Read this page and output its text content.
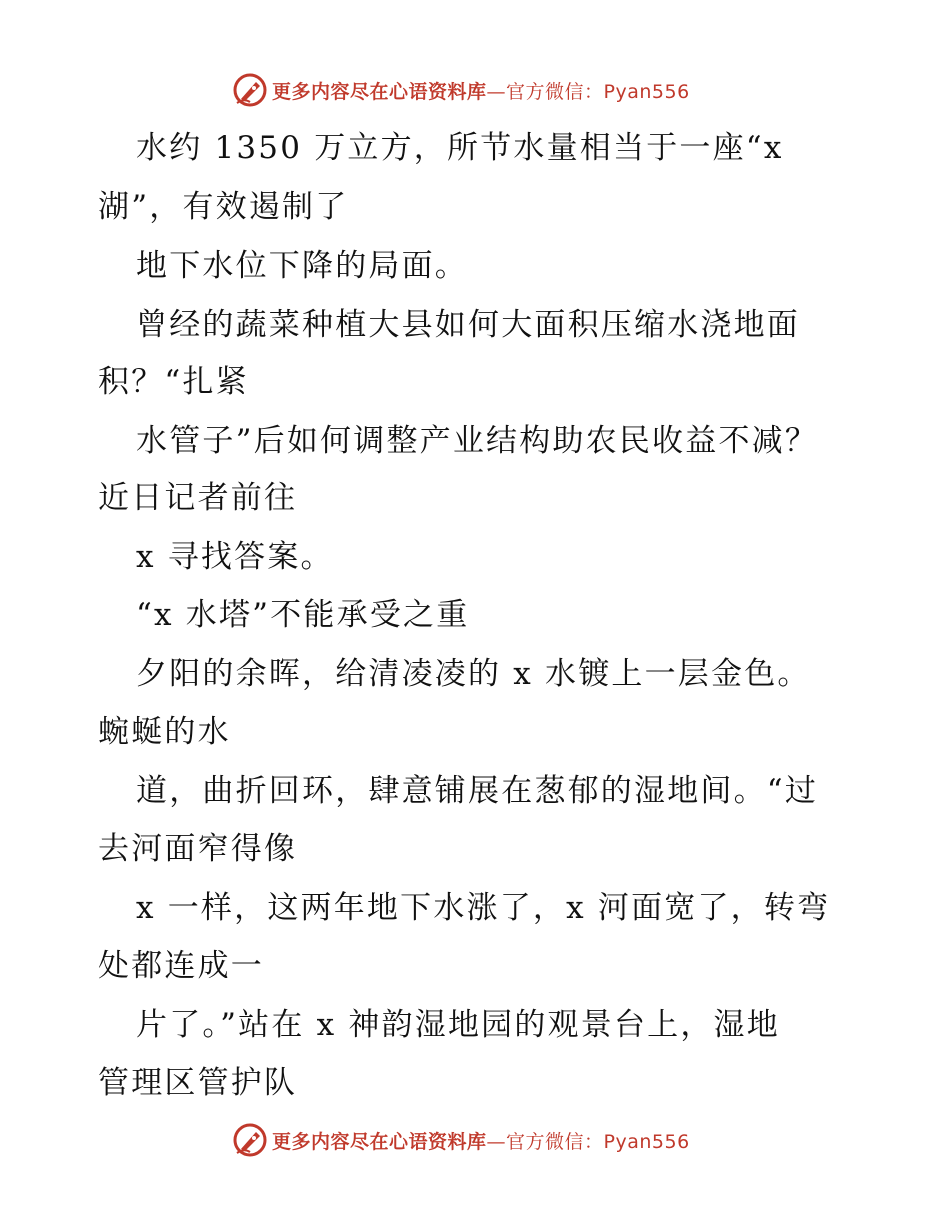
更多内容尽在心语资料库—官方微信：Pyan556
水约 1350 万立方，所节水量相当于一座“x
湖”，有效遏制了
地下水位下降的局面。
曾经的蔬菜种植大县如何大面积压缩水浇地面
积？“扎紧
水管子”后如何调整产业结构助农民收益不减？
近日记者前往
x 寻找答案。
“x 水塔”不能承受之重
夕阳的余晖，给清凌凌的 x 水镀上一层金色。
蜿蜒的水
道，曲折回环，肆意铺展在葱郁的湿地间。“过
去河面窄得像
x 一样，这两年地下水涨了，x 河面宽了，转弯
处都连成一
片了。”站在 x 神韵湿地园的观景台上，湿地
管理区管护队
更多内容尽在心语资料库—官方微信：Pyan556
